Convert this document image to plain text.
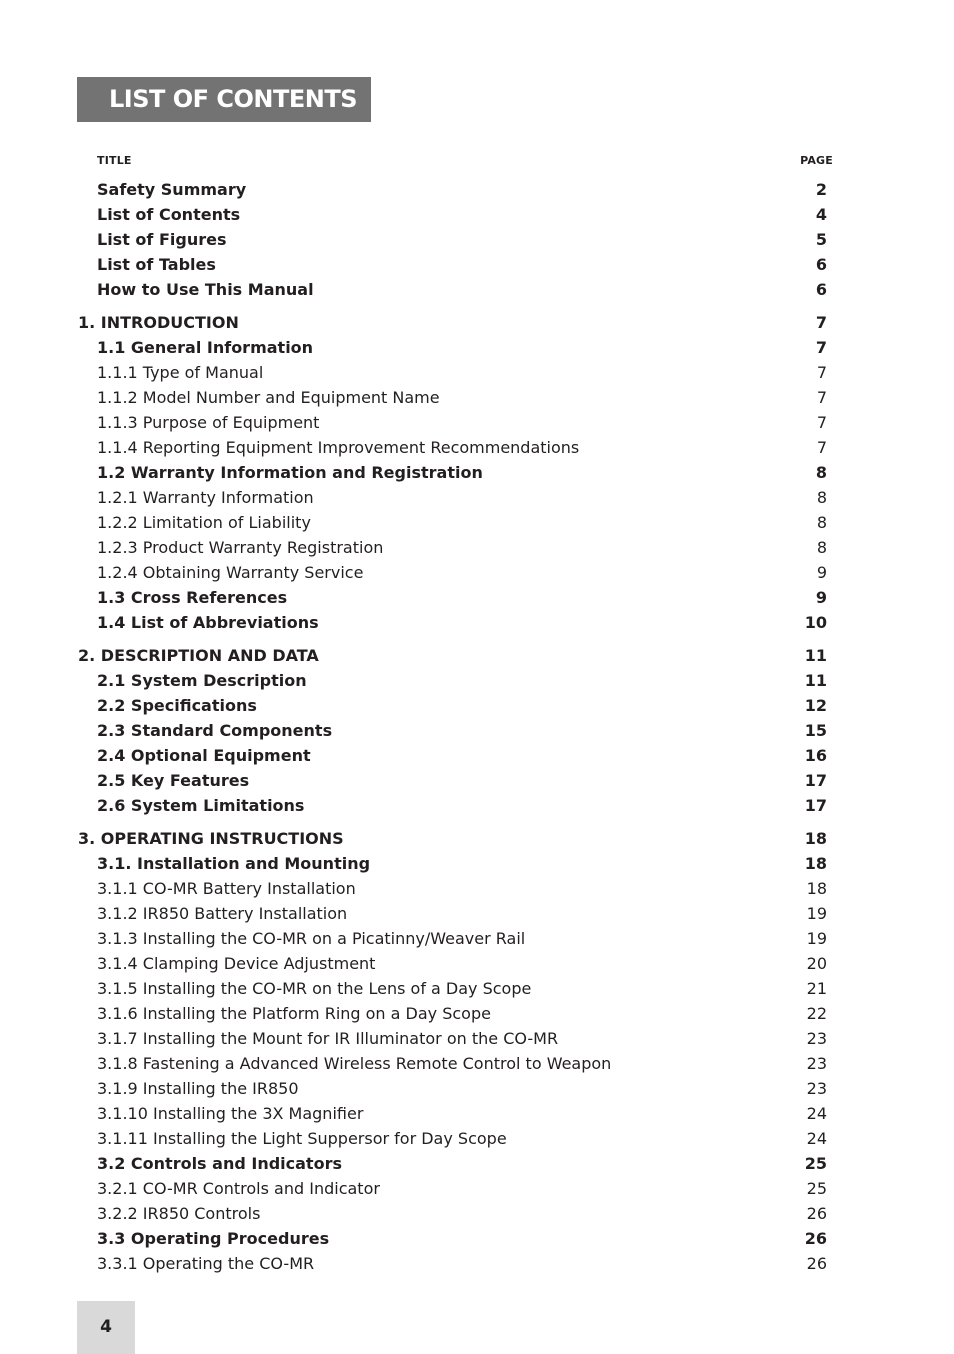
LIST OF CONTENTS
TITLE	PAGE
Safety Summary	2
List of Contents	4
List of Figures	5
List of Tables	6
How to Use This Manual	6
1. INTRODUCTION	7
1.1 General Information	7
1.1.1 Type of Manual	7
1.1.2 Model Number and Equipment Name	7
1.1.3 Purpose of Equipment	7
1.1.4 Reporting Equipment Improvement Recommendations	7
1.2 Warranty Information and Registration	8
1.2.1 Warranty Information	8
1.2.2 Limitation of Liability	8
1.2.3 Product Warranty Registration	8
1.2.4 Obtaining Warranty Service	9
1.3 Cross References	9
1.4 List of Abbreviations	10
2. DESCRIPTION AND DATA	11
2.1 System Description	11
2.2 Specifications	12
2.3 Standard Components	15
2.4 Optional Equipment	16
2.5 Key Features	17
2.6 System Limitations	17
3. OPERATING INSTRUCTIONS	18
3.1. Installation and Mounting	18
3.1.1 CO-MR Battery Installation	18
3.1.2 IR850 Battery Installation	19
3.1.3 Installing the CO-MR on a Picatinny/Weaver Rail	19
3.1.4 Clamping Device Adjustment	20
3.1.5 Installing the CO-MR on the Lens of a Day Scope	21
3.1.6 Installing the Platform Ring on a Day Scope	22
3.1.7 Installing the Mount for IR Illuminator on the CO-MR	23
3.1.8 Fastening a Advanced Wireless Remote Control to Weapon	23
3.1.9 Installing the IR850	23
3.1.10 Installing the 3X Magnifier	24
3.1.11 Installing the Light Suppersor for Day Scope	24
3.2 Controls and Indicators	25
3.2.1 CO-MR Controls and Indicator	25
3.2.2 IR850 Controls	26
3.3 Operating Procedures	26
3.3.1 Operating the CO-MR	26
4
